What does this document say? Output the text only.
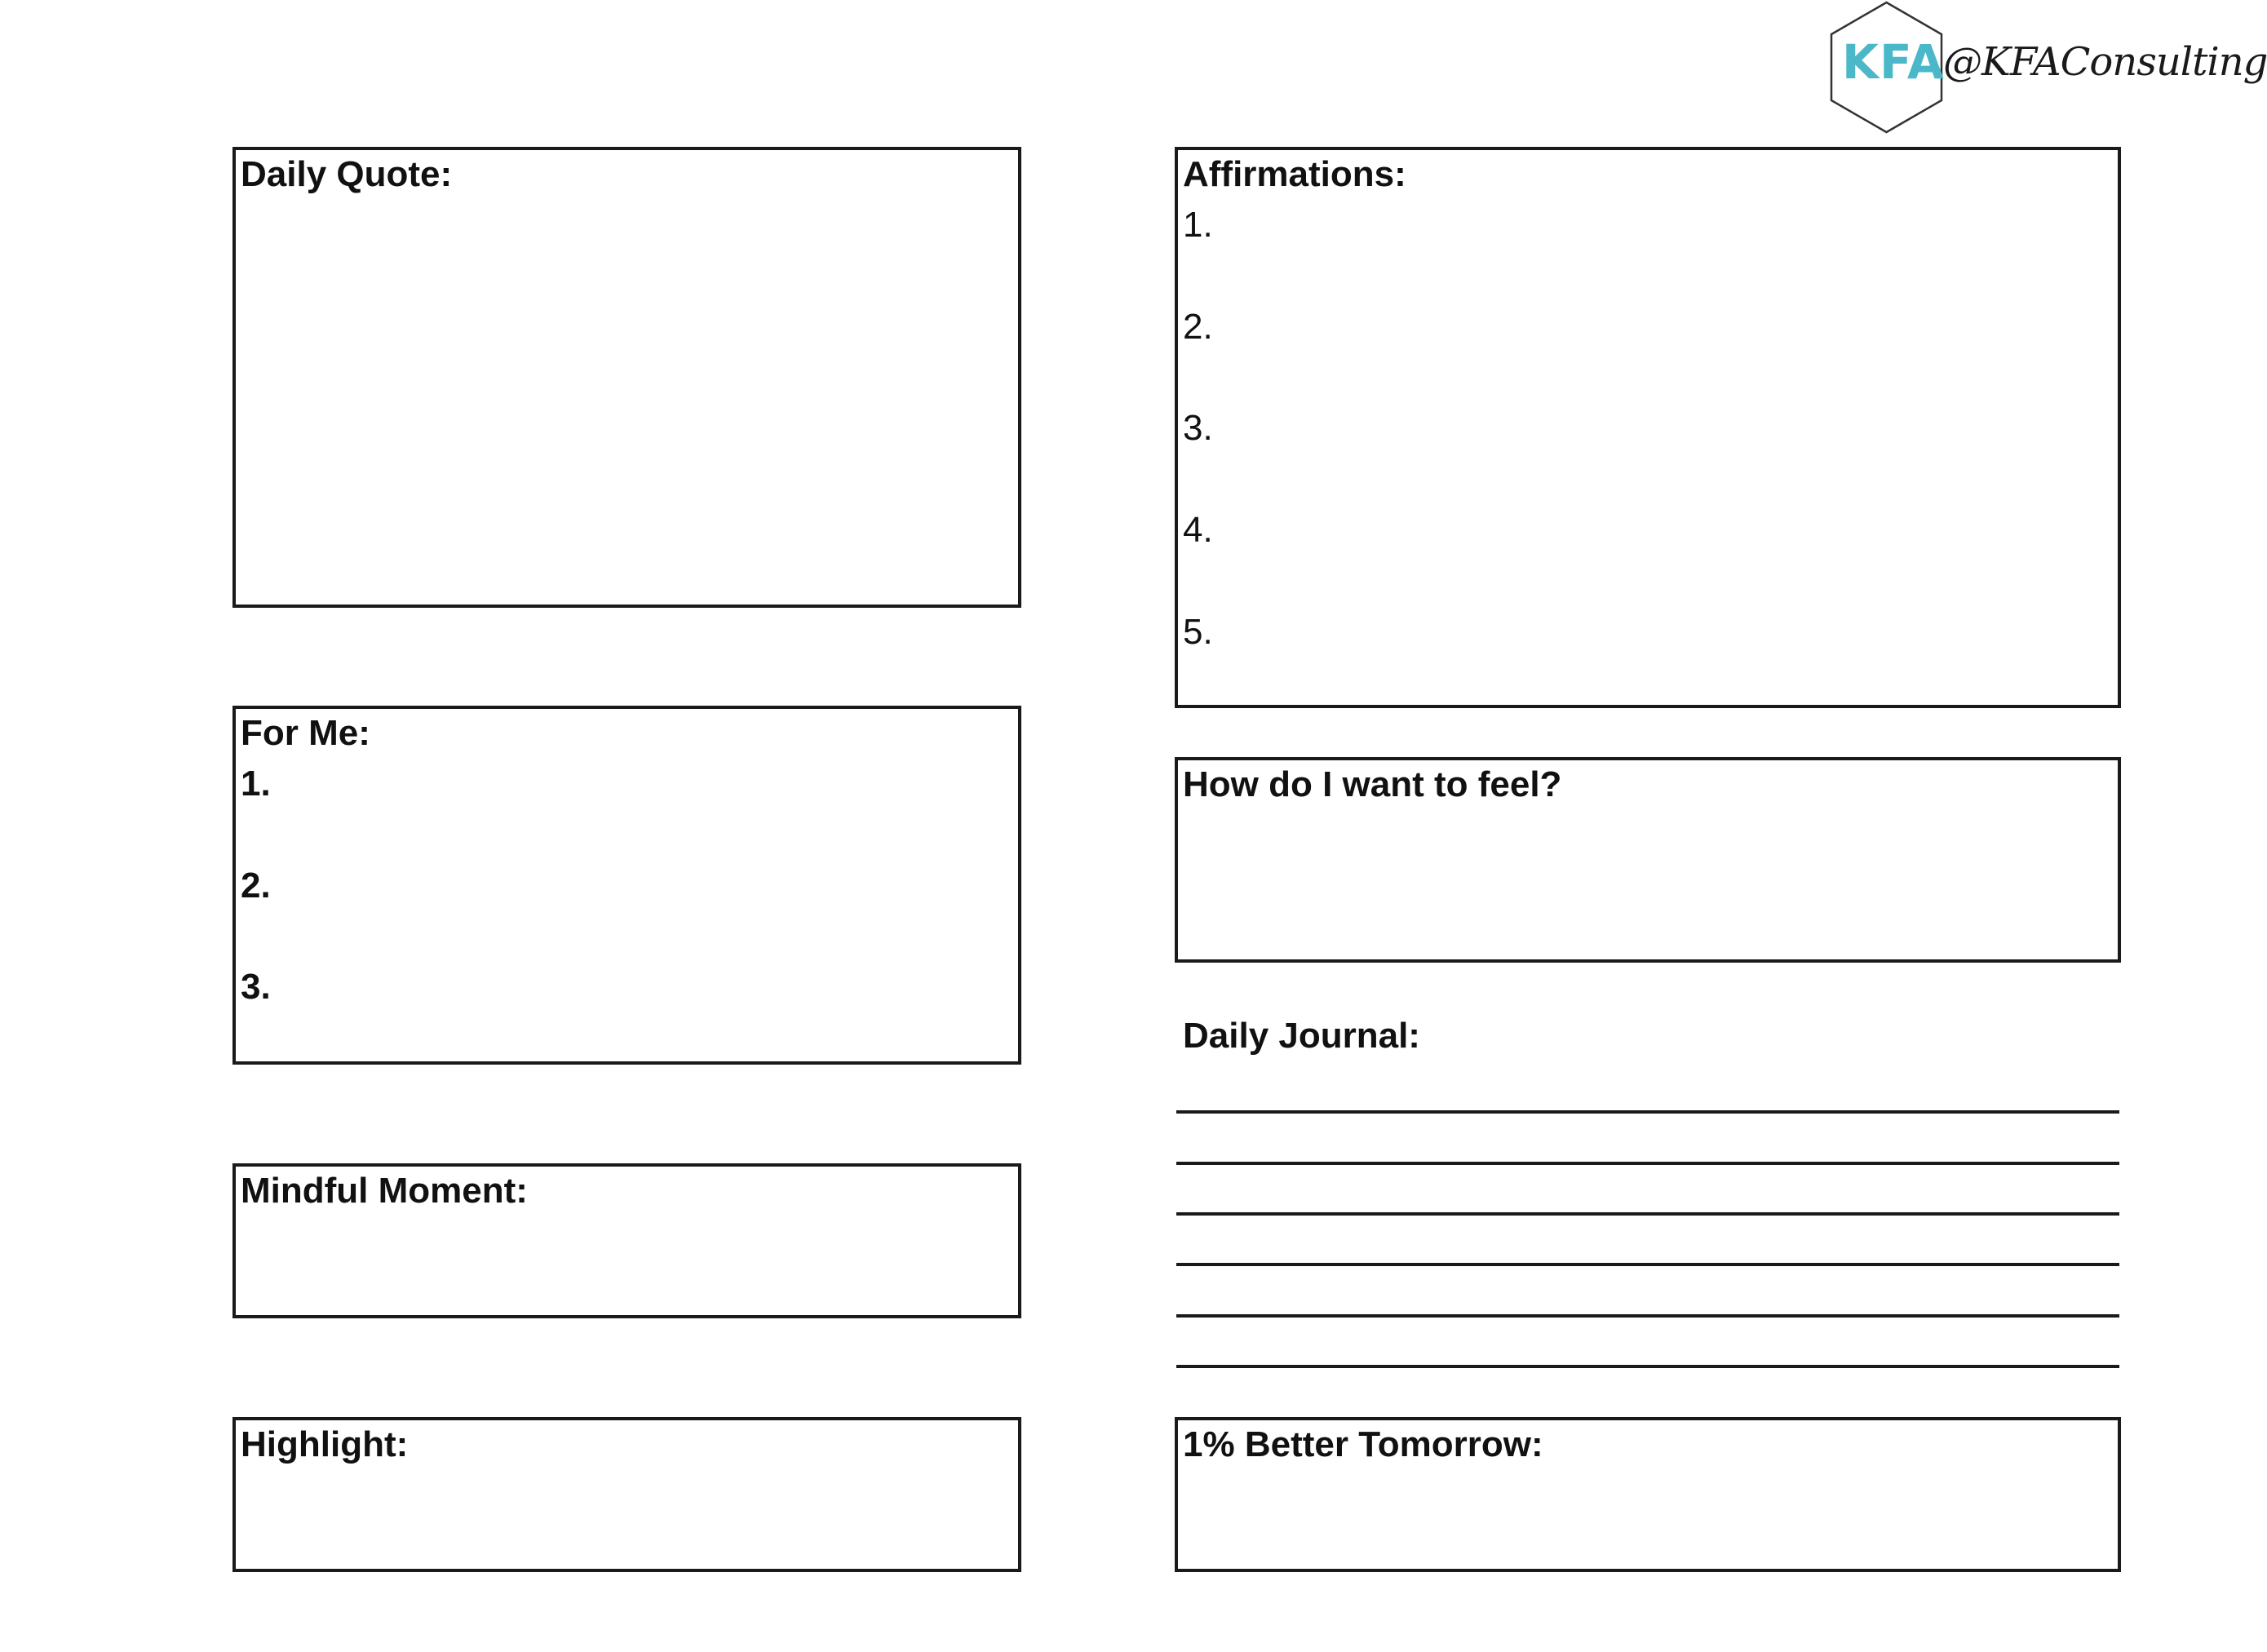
KFA
@KFAConsulting
Daily Quote:	Affirmations:
1.
2.
3.
4.
5.
For Me:
1.
2.
3.
How do I want to feel?
Daily Journal:
Mindful Moment:
Highlight:	1% Better Tomorrow:
